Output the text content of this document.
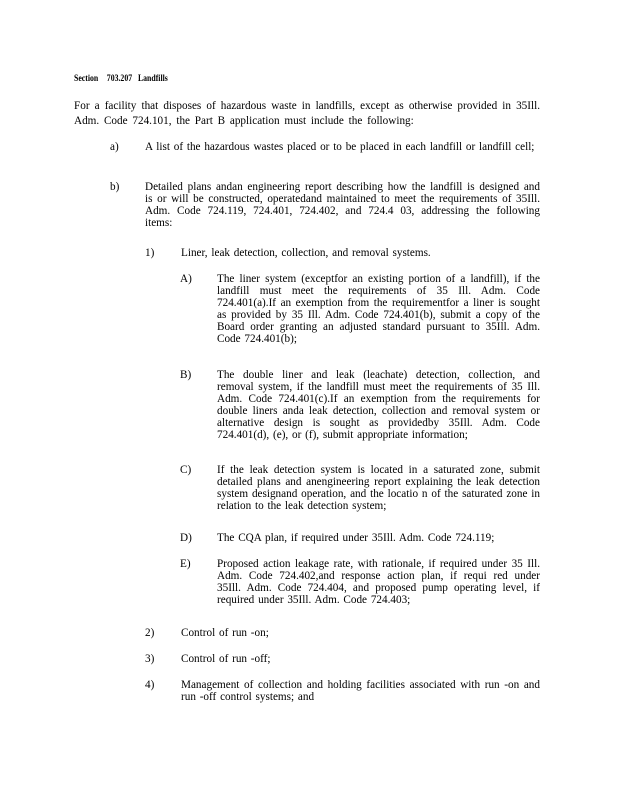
Section 703.207 Landfills
For a facility that disposes of hazardous waste in landfills, except as otherwise provided in 35Ill. Adm. Code 724.101, the Part B application must include the following:
a) A list of the hazardous wastes placed or to be placed in each landfill or landfill cell;
b) Detailed plans andan engineering report describing how the landfill is designed and is or will be constructed, operatedand maintained to meet the requirements of 35Ill. Adm. Code 724.119, 724.401, 724.402, and 724.4 03, addressing the following items:
1) Liner, leak detection, collection, and removal systems.
A) The liner system (exceptfor an existing portion of a landfill), if the landfill must meet the requirements of 35 Ill. Adm. Code 724.401(a).If an exemption from the requirementfor a liner is sought as provided by 35 Ill. Adm. Code 724.401(b), submit a copy of the Board order granting an adjusted standard pursuant to 35Ill. Adm. Code 724.401(b);
B) The double liner and leak (leachate) detection, collection, and removal system, if the landfill must meet the requirements of 35 Ill. Adm. Code 724.401(c).If an exemption from the requirements for double liners anda leak detection, collection and removal system or alternative design is sought as providedby 35Ill. Adm. Code 724.401(d), (e), or (f), submit appropriate information;
C) If the leak detection system is located in a saturated zone, submit detailed plans and anengineering report explaining the leak detection system designand operation, and the locatio n of the saturated zone in relation to the leak detection system;
D) The CQA plan, if required under 35Ill. Adm. Code 724.119;
E) Proposed action leakage rate, with rationale, if required under 35 Ill. Adm. Code 724.402,and response action plan, if requi red under 35Ill. Adm. Code 724.404, and proposed pump operating level, if required under 35Ill. Adm. Code 724.403;
2) Control of run -on;
3) Control of run -off;
4) Management of collection and holding facilities associated with run -on and run -off control systems; and
